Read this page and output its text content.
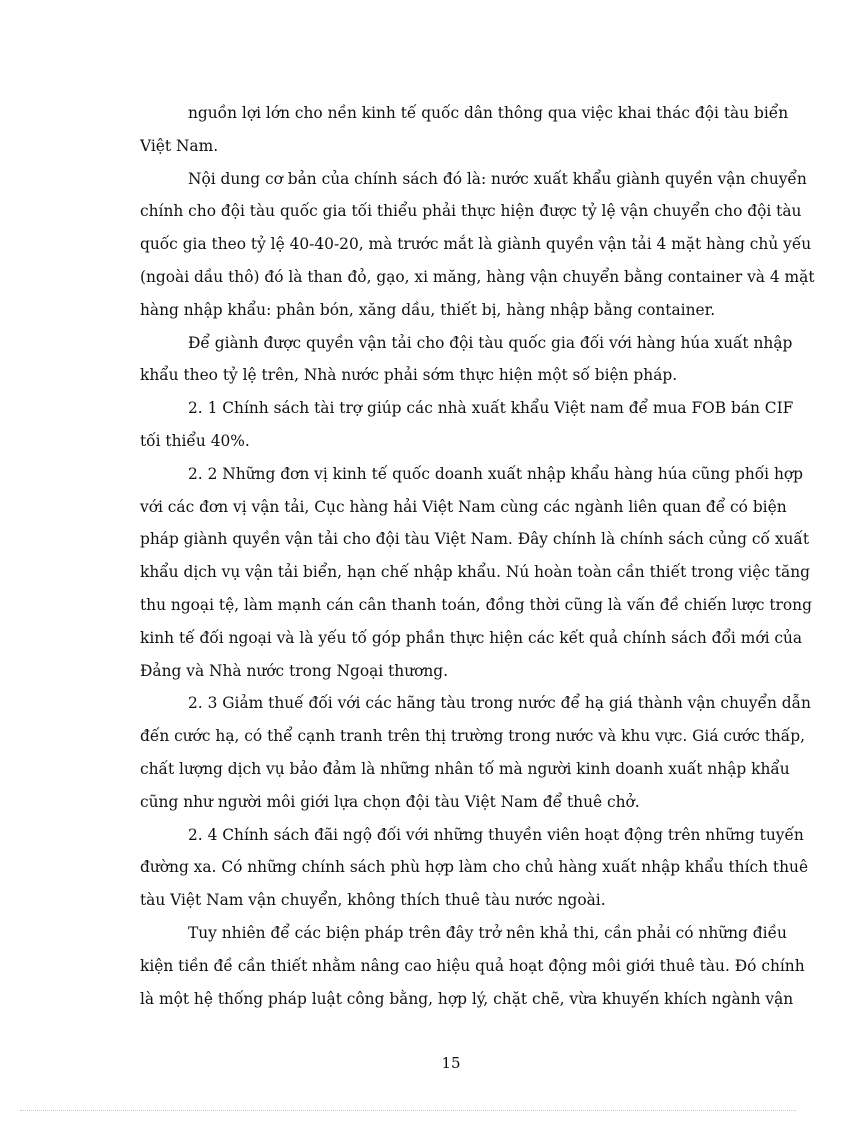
nguồn lợi lớn cho nền kinh tế quốc dân thông qua việc khai thác đội tàu biển
Việt Nam.
Nội dung cơ bản của chính sách đó là: nước xuất khẩu giành quyền vận chuyển
chính cho đội tàu quốc gia tối thiểu phải thực hiện được tỷ lệ vận chuyển cho đội tàu
quốc gia theo tỷ lệ 40-40-20, mà trước mắt là giành quyền vận tải 4 mặt hàng chủ yếu
(ngoài dầu thô) đó là than đỏ, gạo, xi măng, hàng vận chuyển bằng container và 4 mặt
hàng nhập khẩu: phân bón, xăng dầu, thiết bị, hàng nhập bằng container.
Để giành được quyền vận tải cho đội tàu quốc gia đối với hàng húa xuất nhập
khẩu theo tỷ lệ trên, Nhà nước phải sớm thực hiện một số biện pháp.
2. 1 Chính sách tài trợ giúp các nhà xuất khẩu Việt nam để mua FOB bán CIF
tối thiểu 40%.
2. 2 Những đơn vị kinh tế quốc doanh xuất nhập khẩu hàng húa cũng phối hợp
với các đơn vị vận tải, Cục hàng hải Việt Nam cùng các ngành liên quan để có biện
pháp giành quyền vận tải cho đội tàu Việt Nam. Đây chính là chính sách củng cố xuất
khẩu dịch vụ vận tải biển, hạn chế nhập khẩu. Nú hoàn toàn cần thiết trong việc tăng
thu ngoại tệ, làm mạnh cán cân thanh toán, đồng thời cũng là vấn đề chiến lược trong
kinh tế đối ngoại và là yếu tố góp phần thực hiện các kết quả chính sách đổi mới của
Đảng và Nhà nước trong Ngoại thương.
2. 3 Giảm thuế đối với các hãng tàu trong nước để hạ giá thành vận chuyển dẫn
đến cước hạ, có thể cạnh tranh trên thị trường trong nước và khu vực. Giá cước thấp,
chất lượng dịch vụ bảo đảm là những nhân tố mà người kinh doanh xuất nhập khẩu
cũng như người môi giới lựa chọn đội tàu Việt Nam để thuê chở.
2. 4 Chính sách đãi ngộ đối với những thuyền viên hoạt động trên những tuyến
đường xa. Có những chính sách phù hợp làm cho chủ hàng xuất nhập khẩu thích thuê
tàu Việt Nam vận chuyển, không thích thuê tàu nước ngoài.
Tuy nhiên để các biện pháp trên đây trở nên khả thi, cần phải có những điều
kiện tiền đề cần thiết nhằm nâng cao hiệu quả hoạt động môi giới thuê tàu. Đó chính
là một hệ thống pháp luật công bằng, hợp lý, chặt chẽ, vừa khuyến khích ngành vận
15
